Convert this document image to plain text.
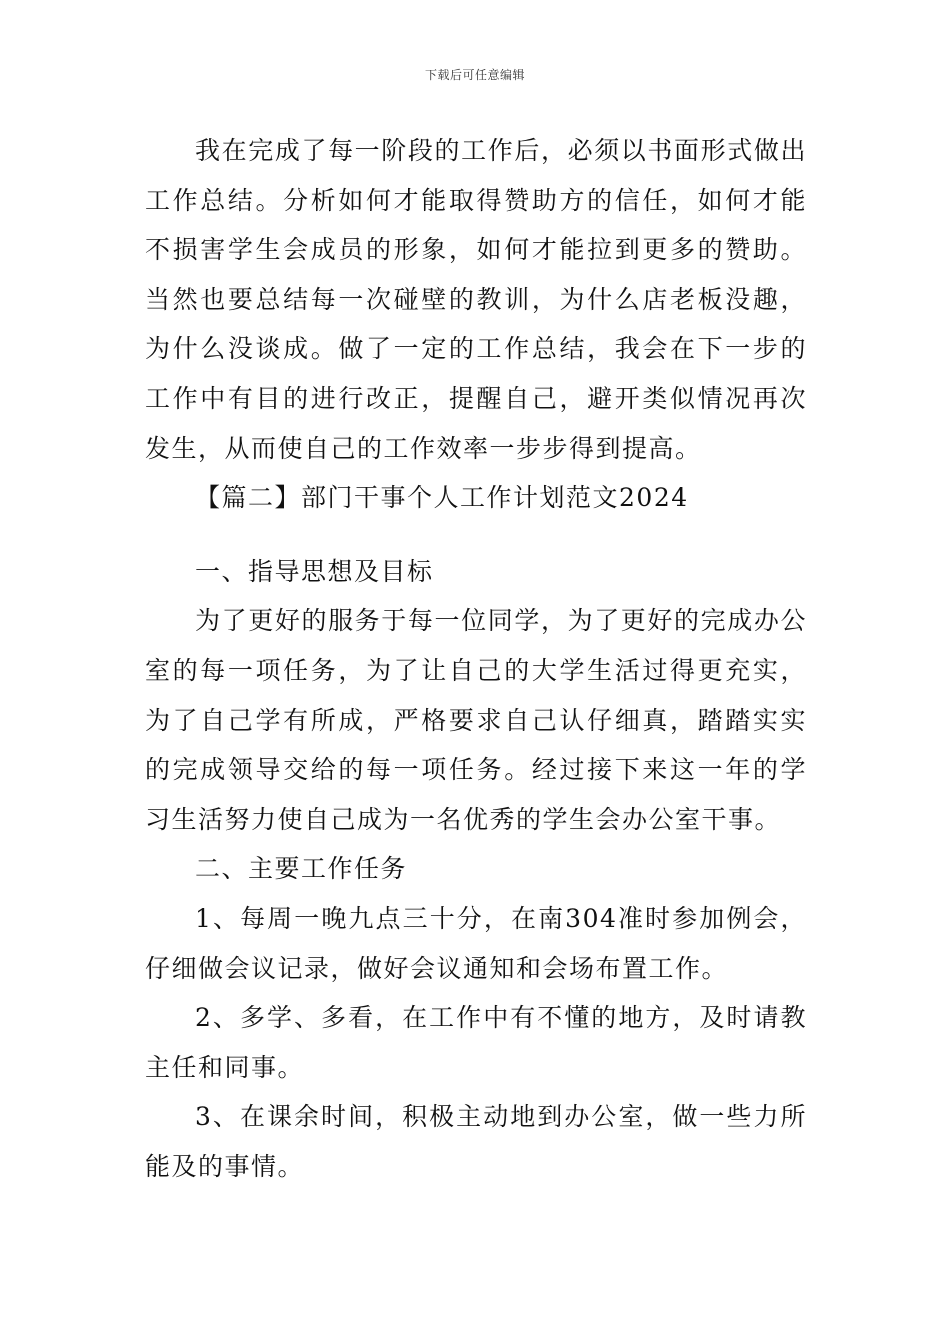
下载后可任意编辑

我在完成了每一阶段的工作后，必须以书面形式做出工作总结。分析如何才能取得赞助方的信任，如何才能不损害学生会成员的形象，如何才能拉到更多的赞助。当然也要总结每一次碰壁的教训，为什么店老板没趣，为什么没谈成。做了一定的工作总结，我会在下一步的工作中有目的进行改正，提醒自己，避开类似情况再次发生，从而使自己的工作效率一步步得到提高。

【篇二】部门干事个人工作计划范文2024

一、指导思想及目标

为了更好的服务于每一位同学，为了更好的完成办公室的每一项任务，为了让自己的大学生活过得更充实，为了自己学有所成，严格要求自己认仔细真，踏踏实实的完成领导交给的每一项任务。经过接下来这一年的学习生活努力使自己成为一名优秀的学生会办公室干事。

二、主要工作任务

1、每周一晚九点三十分，在南304准时参加例会，仔细做会议记录，做好会议通知和会场布置工作。

2、多学、多看，在工作中有不懂的地方，及时请教主任和同事。

3、在课余时间，积极主动地到办公室，做一些力所能及的事情。
